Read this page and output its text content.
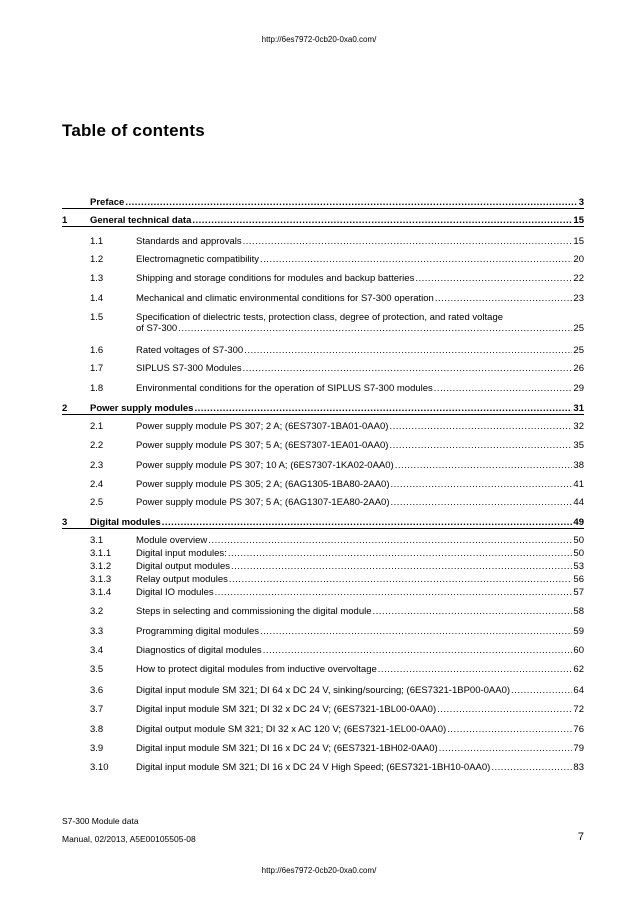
http://6es7972-0cb20-0xa0.com/
Table of contents
Preface .....	3
1 General technical data .....	15
1.1	Standards and approvals .....	15
1.2	Electromagnetic compatibility .....	20
1.3	Shipping and storage conditions for modules and backup batteries .....	22
1.4	Mechanical and climatic environmental conditions for S7-300 operation .....	23
1.5	Specification of dielectric tests, protection class, degree of protection, and rated voltage
of S7-300 .....	25
1.6	Rated voltages of S7-300 .....	25
1.7	SIPLUS S7-300 Modules .....	26
1.8	Environmental conditions for the operation of SIPLUS S7-300 modules .....	29
2 Power supply modules .....	31
2.1	Power supply module PS 307; 2 A; (6ES7307-1BA01-0AA0) .....	32
2.2	Power supply module PS 307; 5 A; (6ES7307-1EA01-0AA0) .....	35
2.3	Power supply module PS 307; 10 A; (6ES7307-1KA02-0AA0) .....	38
2.4	Power supply module PS 305; 2 A; (6AG1305-1BA80-2AA0) .....	41
2.5	Power supply module PS 307; 5 A; (6AG1307-1EA80-2AA0) .....	44
3 Digital modules .....	49
3.1	Module overview .....	50
3.1.1	Digital input modules: .....	50
3.1.2	Digital output modules .....	53
3.1.3	Relay output modules .....	56
3.1.4	Digital IO modules .....	57
3.2	Steps in selecting and commissioning the digital module .....	58
3.3	Programming digital modules .....	59
3.4	Diagnostics of digital modules .....	60
3.5	How to protect digital modules from inductive overvoltage .....	62
3.6	Digital input module SM 321; DI 64 x DC 24 V, sinking/sourcing; (6ES7321-1BP00-0AA0) .....	64
3.7	Digital input module SM 321; DI 32 x DC 24 V; (6ES7321-1BL00-0AA0) .....	72
3.8	Digital output module SM 321; DI 32 x AC 120 V; (6ES7321-1EL00-0AA0) .....	76
3.9	Digital input module SM 321; DI 16 x DC 24 V; (6ES7321-1BH02-0AA0) .....	79
3.10	Digital input module SM 321; DI 16 x DC 24 V High Speed; (6ES7321-1BH10-0AA0) .....	83
S7-300 Module data
Manual, 02/2013, A5E00105505-08	7
http://6es7972-0cb20-0xa0.com/
